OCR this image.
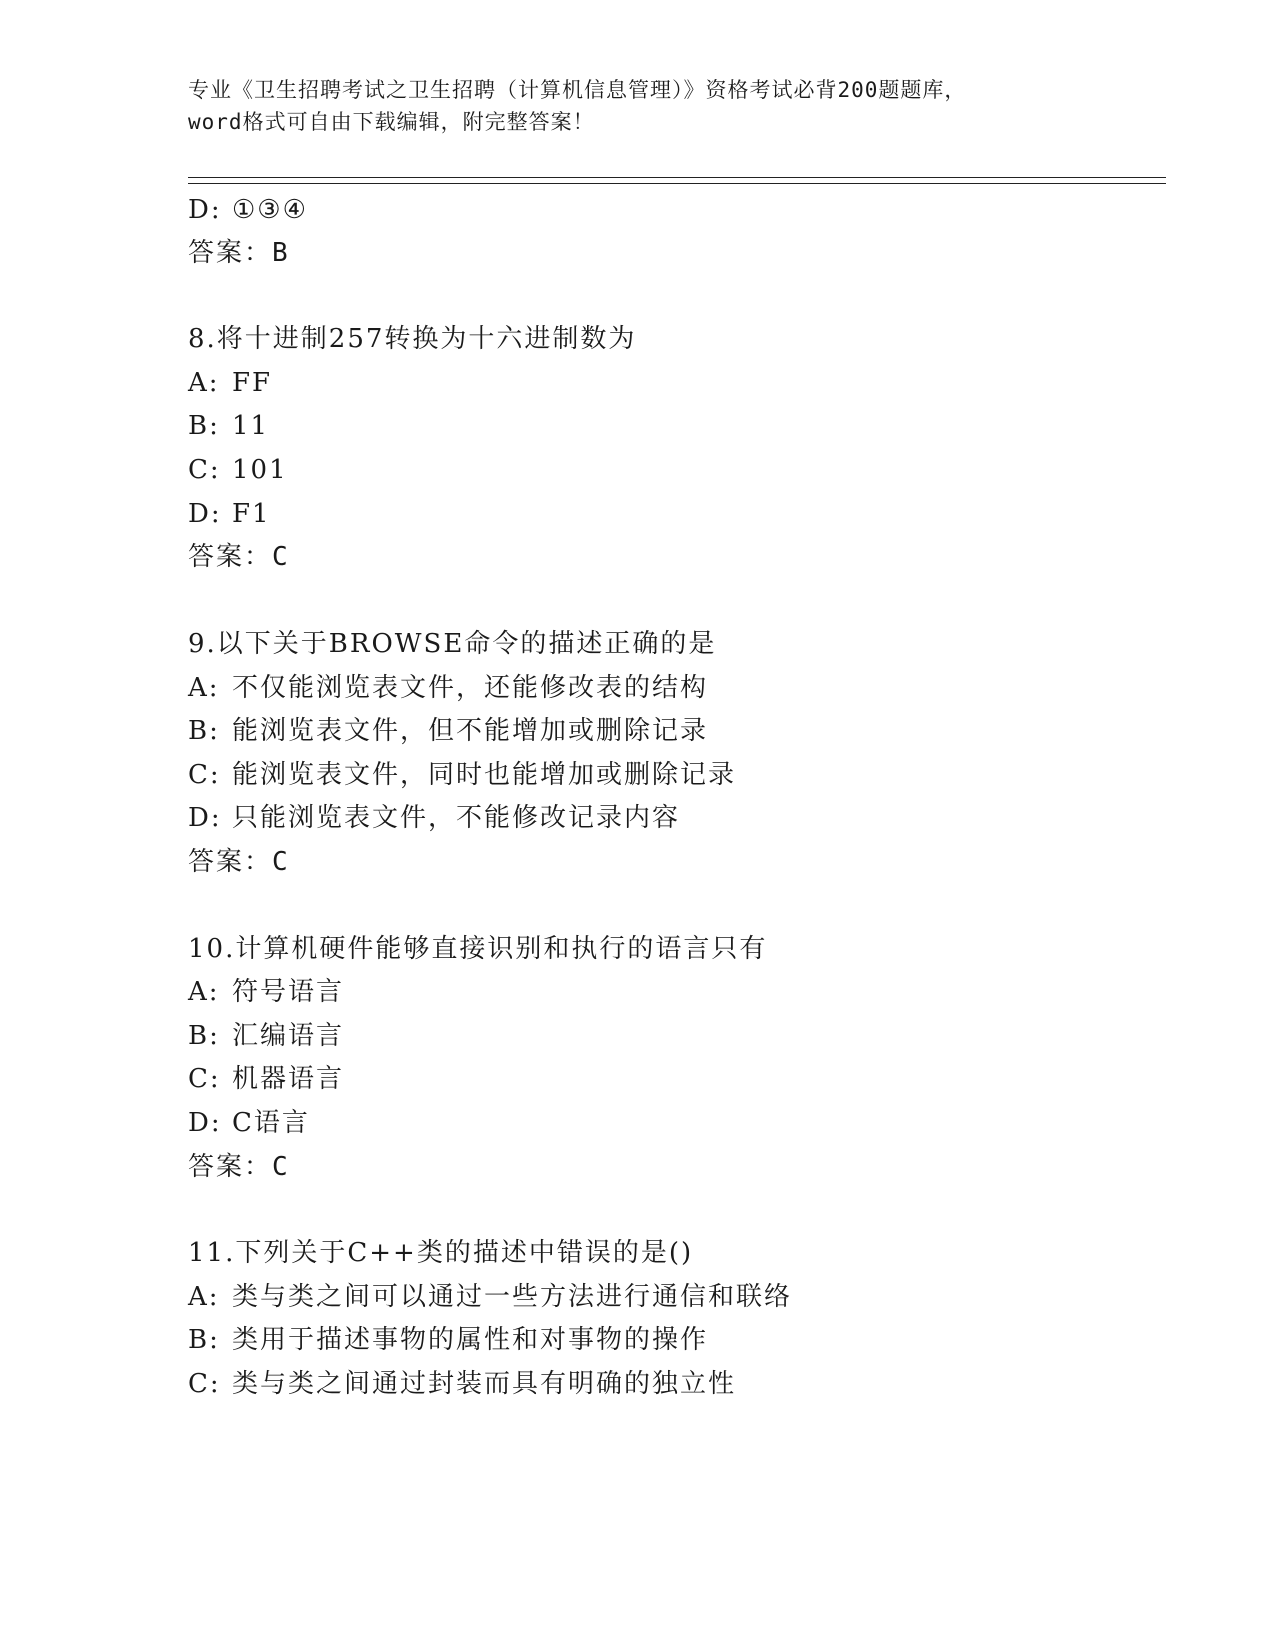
专业《卫生招聘考试之卫生招聘（计算机信息管理）》资格考试必背200题题库，
word格式可自由下载编辑，附完整答案！
D: ①③④
答案：B
8.将十进制257转换为十六进制数为
A: FF
B: 11
C: 101
D: F1
答案：C
9.以下关于BROWSE命令的描述正确的是
A: 不仅能浏览表文件，还能修改表的结构
B: 能浏览表文件，但不能增加或删除记录
C: 能浏览表文件，同时也能增加或删除记录
D: 只能浏览表文件，不能修改记录内容
答案：C
10.计算机硬件能够直接识别和执行的语言只有
A: 符号语言
B: 汇编语言
C: 机器语言
D: C语言
答案：C
11.下列关于C++类的描述中错误的是()
A: 类与类之间可以通过一些方法进行通信和联络
B: 类用于描述事物的属性和对事物的操作
C: 类与类之间通过封装而具有明确的独立性
